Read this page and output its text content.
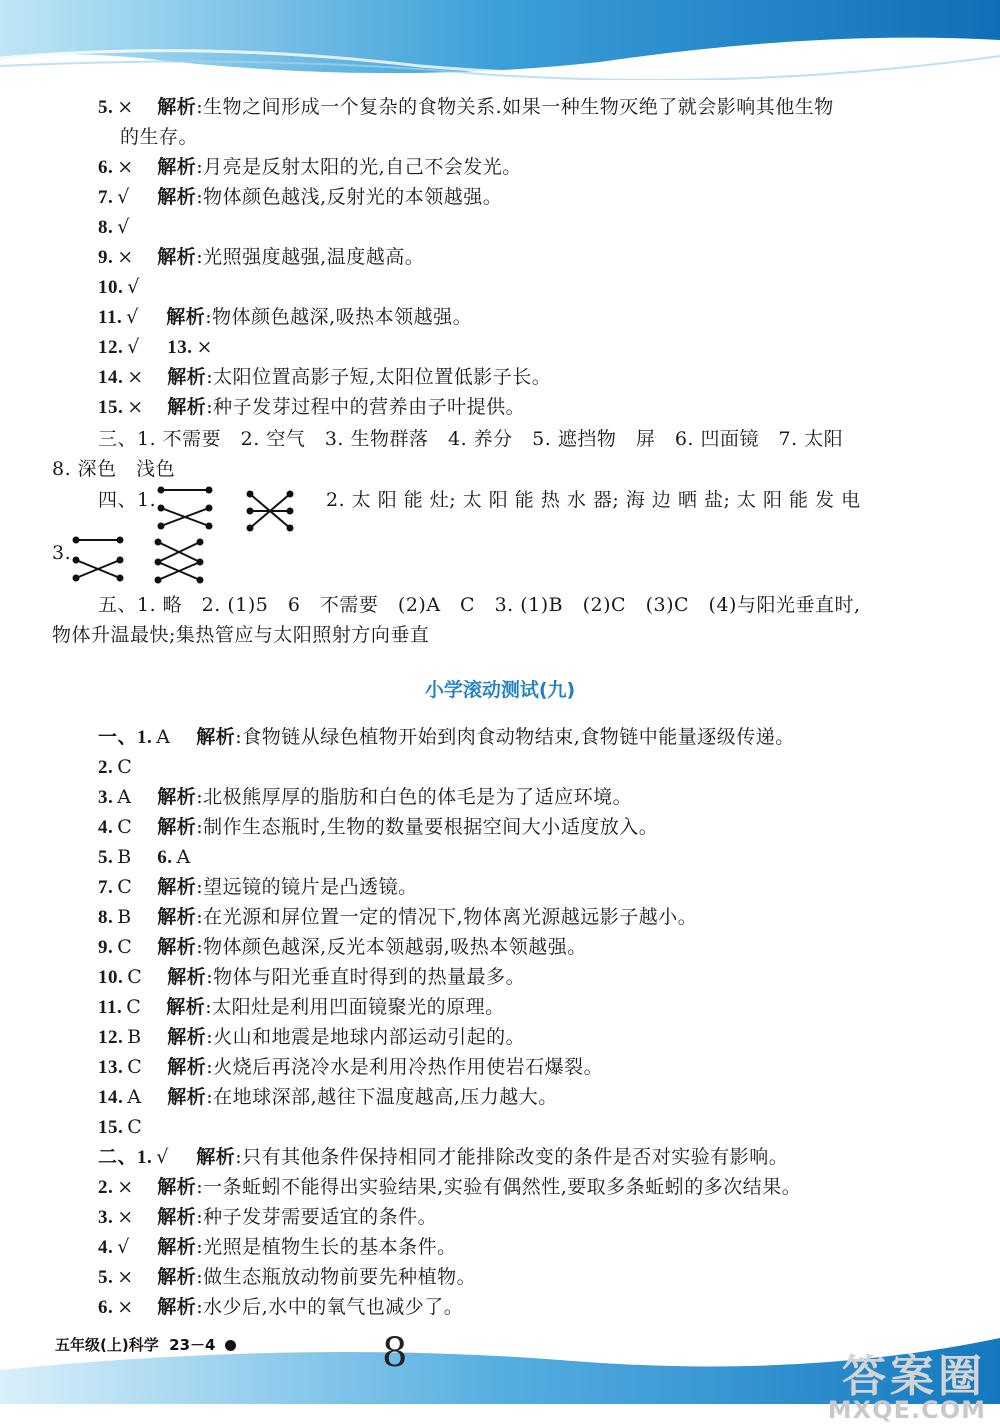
5. × 解析:生物之间形成一个复杂的食物关系.如果一种生物灭绝了就会影响其他生物
的生存。
6. × 解析:月亮是反射太阳的光,自己不会发光。
7. √ 解析:物体颜色越浅,反射光的本领越强。
8. √
9. × 解析:光照强度越强,温度越高。
10. √
11. √ 解析:物体颜色越深,吸热本领越强。
12. √ 13. ×
14. × 解析:太阳位置高影子短,太阳位置低影子长。
15. × 解析:种子发芽过程中的营养由子叶提供。
一、1. A 解析:食物链从绿色植物开始到肉食动物结束,食物链中能量逐级传递。
2. C
3. A 解析:北极熊厚厚的脂肪和白色的体毛是为了适应环境。
4. C 解析:制作生态瓶时,生物的数量要根据空间大小适度放入。
5. B 6. A
7. C 解析:望远镜的镜片是凸透镜。
8. B 解析:在光源和屏位置一定的情况下,物体离光源越远影子越小。
9. C 解析:物体颜色越深,反光本领越弱,吸热本领越强。
10. C 解析:物体与阳光垂直时得到的热量最多。
11. C 解析:太阳灶是利用凹面镜聚光的原理。
12. B 解析:火山和地震是地球内部运动引起的。
13. C 解析:火烧后再浇冷水是利用冷热作用使岩石爆裂。
14. A 解析:在地球深部,越往下温度越高,压力越大。
15. C
二、1. √ 解析:只有其他条件保持相同才能排除改变的条件是否对实验有影响。
2. × 解析:一条蚯蚓不能得出实验结果,实验有偶然性,要取多条蚯蚓的多次结果。
3. × 解析:种子发芽需要适宜的条件。
4. √ 解析:光照是植物生长的基本条件。
5. × 解析:做生态瓶放动物前要先种植物。
6. × 解析:水少后,水中的氧气也减少了。
小学滚动测试(九)
三、1. 不需要　2. 空气　3. 生物群落　4. 养分　5. 遮挡物　屏　6. 凹面镜　7. 太阳
8. 深色　浅色
四、1.	2. 太 阳 能 灶; 太 阳 能 热 水 器; 海 边 晒 盐; 太 阳 能 发 电
3.
五、1. 略　2. (1)5　6　不需要　(2)A　C　3. (1)B　(2)C　(3)C　(4)与阳光垂直时,
物体升温最快;集热管应与太阳照射方向垂直
五年级(上)科学 23－4	8	答案圈
MXQE.COM
